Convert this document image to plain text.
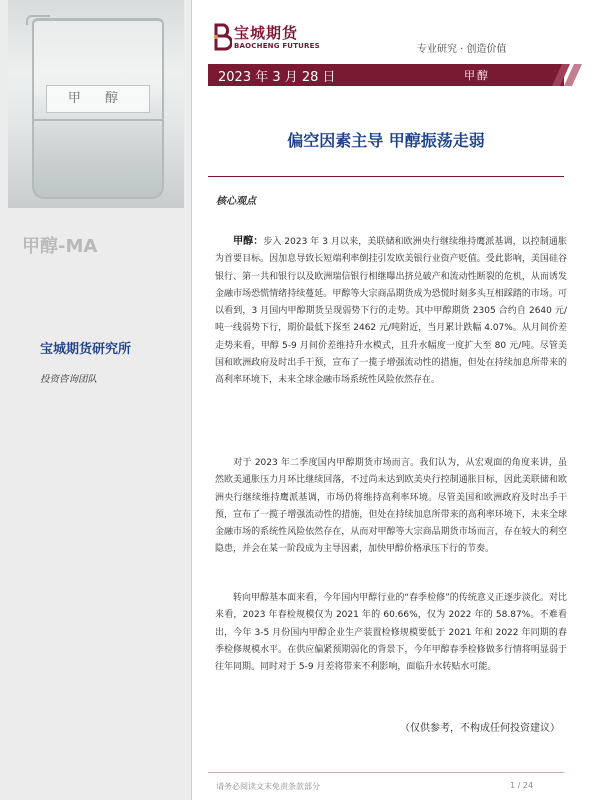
甲 醇
甲醇-MA
宝城期货研究所
投资咨询团队
宝城期货
BAOCHENG FUTURES	专业研究 · 创造价值
2023 年 3 月 28 日	甲醇
偏空因素主导 甲醇振荡走弱
核心观点

甲醇：步入 2023 年 3 月以来，美联储和欧洲央行继续维持鹰派基调，以控制通胀为首要目标。因加息导致长短端利率倒挂引发欧美银行业资产贬值。受此影响，美国硅谷银行、第一共和银行以及欧洲瑞信银行相继曝出挤兑破产和流动性断裂的危机，从而诱发金融市场恐慌情绪持续蔓延。甲醇等大宗商品期货成为恐慌时刻多头互相踩踏的市场。可以看到，3 月国内甲醇期货呈现弱势下行的走势。其中甲醇期货 2305 合约自 2640 元/吨一线弱势下行，期价最低下探至 2462 元/吨附近，当月累计跌幅 4.07%。从月间价差走势来看，甲醇 5-9 月间价差维持升水模式，且升水幅度一度扩大至 80 元/吨。尽管美国和欧洲政府及时出手干预，宣布了一揽子增强流动性的措施，但处在持续加息所带来的高利率环境下，未来全球金融市场系统性风险依然存在。

对于 2023 年二季度国内甲醇期货市场而言。我们认为，从宏观面的角度来讲，虽然欧美通胀压力月环比继续回落，不过尚未达到欧美央行控制通胀目标，因此美联储和欧洲央行继续维持鹰派基调，市场仍将维持高利率环境。尽管美国和欧洲政府及时出手干预，宣布了一揽子增强流动性的措施，但处在持续加息所带来的高利率环境下，未来全球金融市场的系统性风险依然存在，从而对甲醇等大宗商品期货市场而言，存在较大的利空隐患，并会在某一阶段成为主导因素，加快甲醇价格承压下行的节奏。

转向甲醇基本面来看，今年国内甲醇行业的“春季检修”的传统意义正逐步淡化。对比来看，2023 年春检规模仅为 2021 年的 60.66%，仅为 2022 年的 58.87%。不难看出，今年 3-5 月份国内甲醇企业生产装置检修规模要低于 2021 年和 2022 年同期的春季检修规模水平。在供应偏紧预期弱化的背景下，今年甲醇春季检修做多行情将明显弱于往年同期。同时对于 5-9 月差将带来不利影响，面临升水转贴水可能。

（仅供参考，不构成任何投资建议）
请务必阅读文末免责条款部分	1 / 24
